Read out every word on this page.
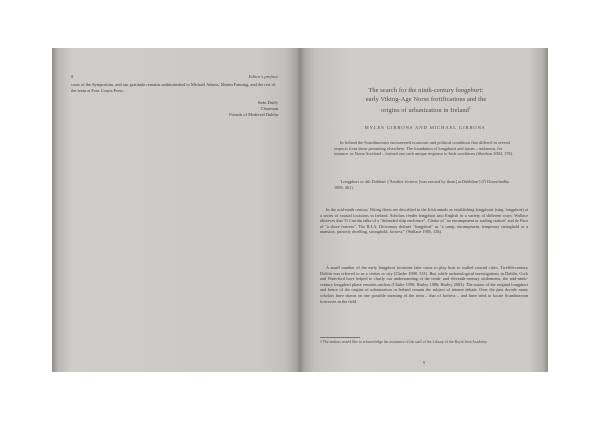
8	Editor's preface

costs of the Symposium, and our gratitude remains undiminished to Michael Adams, Martin Fanning, and the rest of the team at Four Courts Press.

Seán Duffy
Chairman
Friends of Medieval Dublin
The search for the ninth-century longphort:
early Viking-Age Norse fortifications and the
origins of urbanization in Ireland$^1$
MYLES GIBBONS AND MICHAEL GIBBONS

In Ireland the Scandinavians encountered economic and political conditions that differed in several respects from those pertaining elsewhere. The foundation of longphuirt and towns – unknown, for instance, in Norse Scotland – formed one such unique response to Irish conditions (Sheehan 2004, 178).

'Longphort oc áth Dublinn' ('Another fortress [was erected by them] at Dubhlinn') (Ó Donnchadha 1896, 461).

In the mid-ninth century Viking fleets are described in the Irish annals as establishing longphuirt (sing. longphort) at a series of coastal locations in Ireland. Scholars render longphort into English in a variety of different ways. Wallace observes that 'O Curráin talks of a "defended ship enclosure", Clarke of "an encampment or trading station" and de Paor of "a shore fortress". The R.I.A. Dictionary defines "longphort" as "a camp, encampment, temporary stronghold or a mansion, princely dwelling, stronghold, fortress"' (Wallace 1985, 136).

A small number of the early longphort locations later came to play host to walled coastal cities. Twelfth-century Dublin was referred to as a civitas or city (Clarke 1998, 331). But, while archaeological investigations in Dublin, Cork and Waterford have helped to clarify our understanding of the tenth- and eleventh-century settlements, the mid-ninth-century longphort phase remains unclear (Clarke 1998; Hurley 1986; Hurley 2003). The nature of the original longphort and hence of the origins of urbanization in Ireland remain the subject of intense debate. Over the past decade many scholars have drawn on one possible meaning of the term – that of fortress – and have tried to locate Scandinavian fortresses in the field.

1 The authors would like to acknowledge the assistance of the staff of the Library of the Royal Irish Academy.

9
